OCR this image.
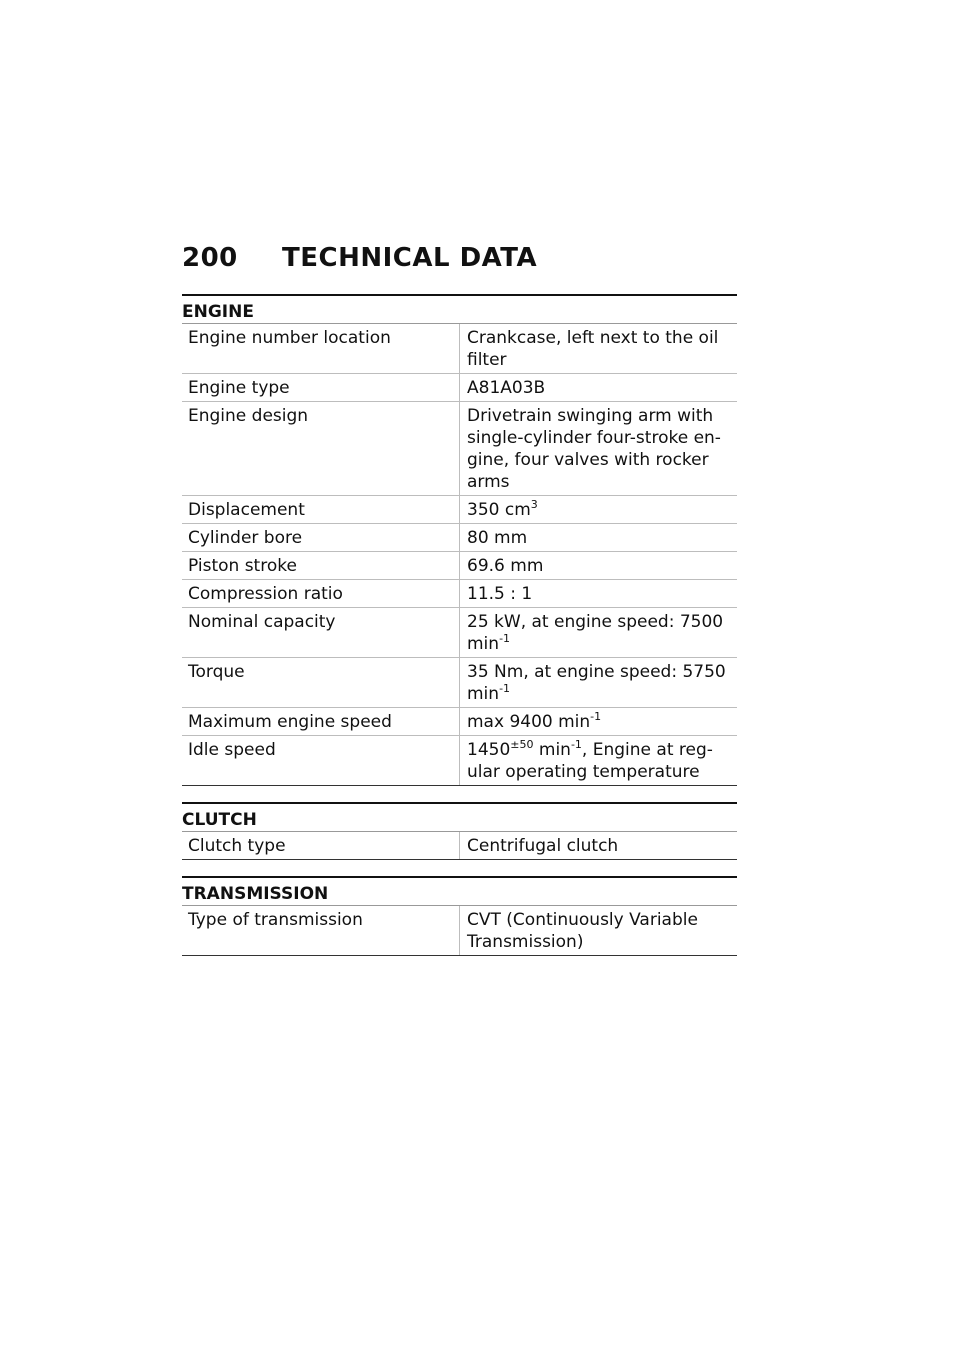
200 TECHNICAL DATA
ENGINE
Engine number location	Crankcase, left next to the oil filter
Engine type	A81A03B
Engine design	Drivetrain swinging arm with single-cylinder four-stroke en-gine, four valves with rocker arms
Displacement	350 $cm^3$
Cylinder bore	80 mm
Piston stroke	69.6 mm
Compression ratio	11.5 : 1
Nominal capacity	25 kW, at engine speed: 7500 $\min^{-1}$
Torque	35 Nm, at engine speed: 5750 $\min^{-1}$
Maximum engine speed	max 9400 $\min^{-1}$
Idle speed	$1450^{\pm 50}$ $\min^{-1}$, Engine at reg-ular operating temperature
CLUTCH
Clutch type	Centrifugal clutch
TRANSMISSION
Type of transmission	CVT (Continuously Variable Transmission)
